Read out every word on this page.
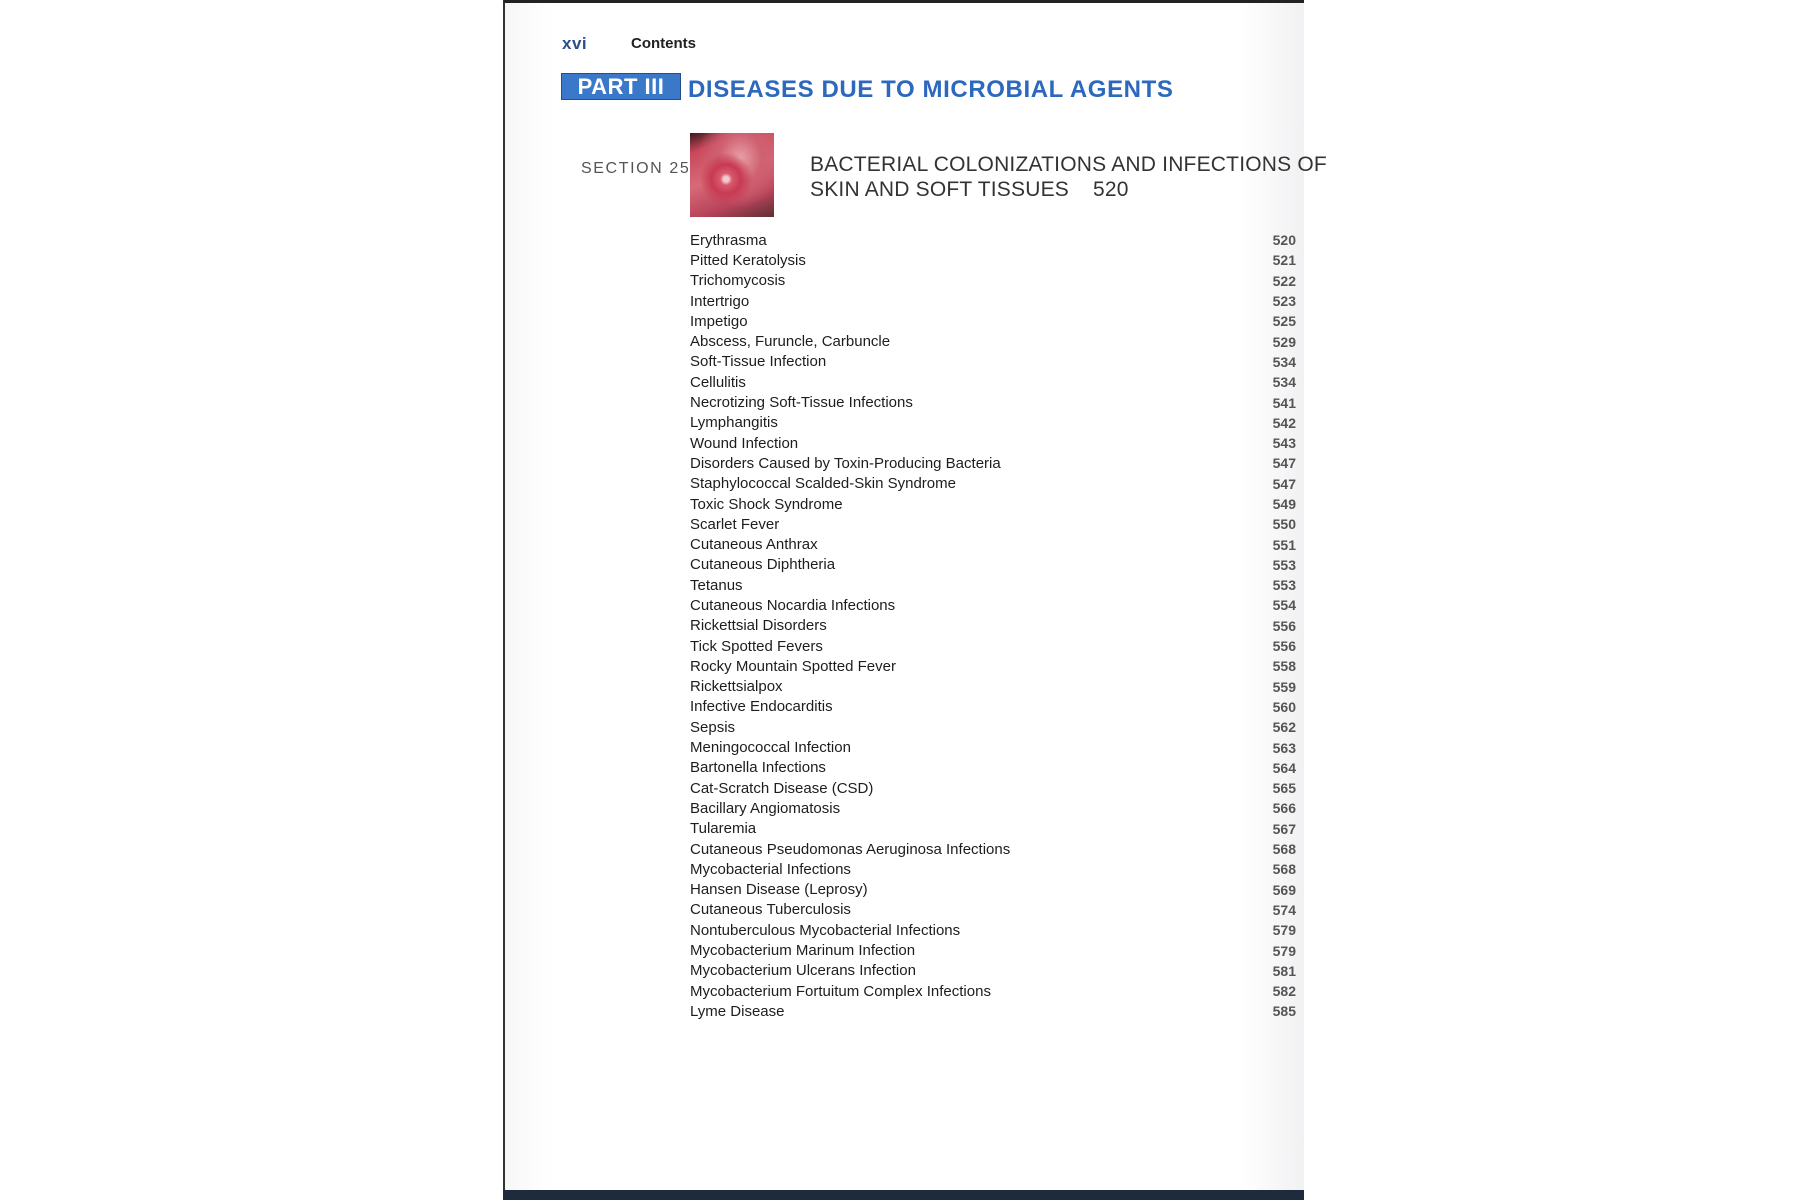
xvi	Contents
PART III DISEASES DUE TO MICROBIAL AGENTS
SECTION 25	BACTERIAL COLONIZATIONS AND INFECTIONS OF
SKIN AND SOFT TISSUES 520
Erythrasma	520
Pitted Keratolysis	521
Trichomycosis	522
Intertrigo	523
Impetigo	525
Abscess, Furuncle, Carbuncle	529
Soft-Tissue Infection	534
Cellulitis	534
Necrotizing Soft-Tissue Infections	541
Lymphangitis	542
Wound Infection	543
Disorders Caused by Toxin-Producing Bacteria	547
Staphylococcal Scalded-Skin Syndrome	547
Toxic Shock Syndrome	549
Scarlet Fever	550
Cutaneous Anthrax	551
Cutaneous Diphtheria	553
Tetanus	553
Cutaneous Nocardia Infections	554
Rickettsial Disorders	556
Tick Spotted Fevers	556
Rocky Mountain Spotted Fever	558
Rickettsialpox	559
Infective Endocarditis	560
Sepsis	562
Meningococcal Infection	563
Bartonella Infections	564
Cat-Scratch Disease (CSD)	565
Bacillary Angiomatosis	566
Tularemia	567
Cutaneous Pseudomonas Aeruginosa Infections	568
Mycobacterial Infections	568
Hansen Disease (Leprosy)	569
Cutaneous Tuberculosis	574
Nontuberculous Mycobacterial Infections	579
Mycobacterium Marinum Infection	579
Mycobacterium Ulcerans Infection	581
Mycobacterium Fortuitum Complex Infections	582
Lyme Disease	585
